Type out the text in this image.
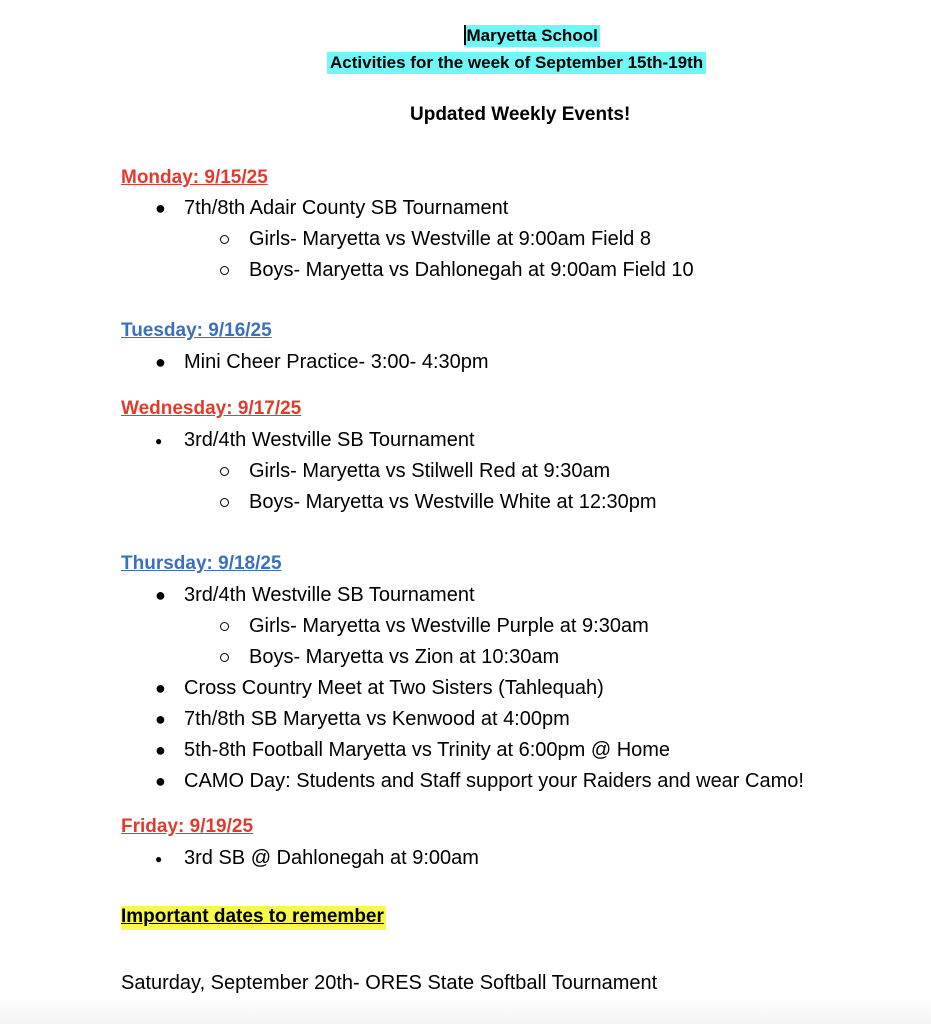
Maryetta School
Activities for the week of September 15th-19th
Updated Weekly Events!
Monday: 9/15/25
● 7th/8th Adair County SB Tournament
Girls- Maryetta vs Westville at 9:00am Field 8
Boys- Maryetta vs Dahlonegah at 9:00am Field 10
Tuesday: 9/16/25
● Mini Cheer Practice- 3:00- 4:30pm
Wednesday: 9/17/25
● 3rd/4th Westville SB Tournament
Girls- Maryetta vs Stilwell Red at 9:30am
Boys- Maryetta vs Westville White at 12:30pm
Thursday: 9/18/25
● 3rd/4th Westville SB Tournament
Girls- Maryetta vs Westville Purple at 9:30am
Boys- Maryetta vs Zion at 10:30am
● Cross Country Meet at Two Sisters (Tahlequah)
● 7th/8th SB Maryetta vs Kenwood at 4:00pm
● 5th-8th Football Maryetta vs Trinity at 6:00pm @ Home
● CAMO Day: Students and Staff support your Raiders and wear Camo!
Friday: 9/19/25
● 3rd SB @ Dahlonegah at 9:00am
Important dates to remember
Saturday, September 20th- ORES State Softball Tournament
